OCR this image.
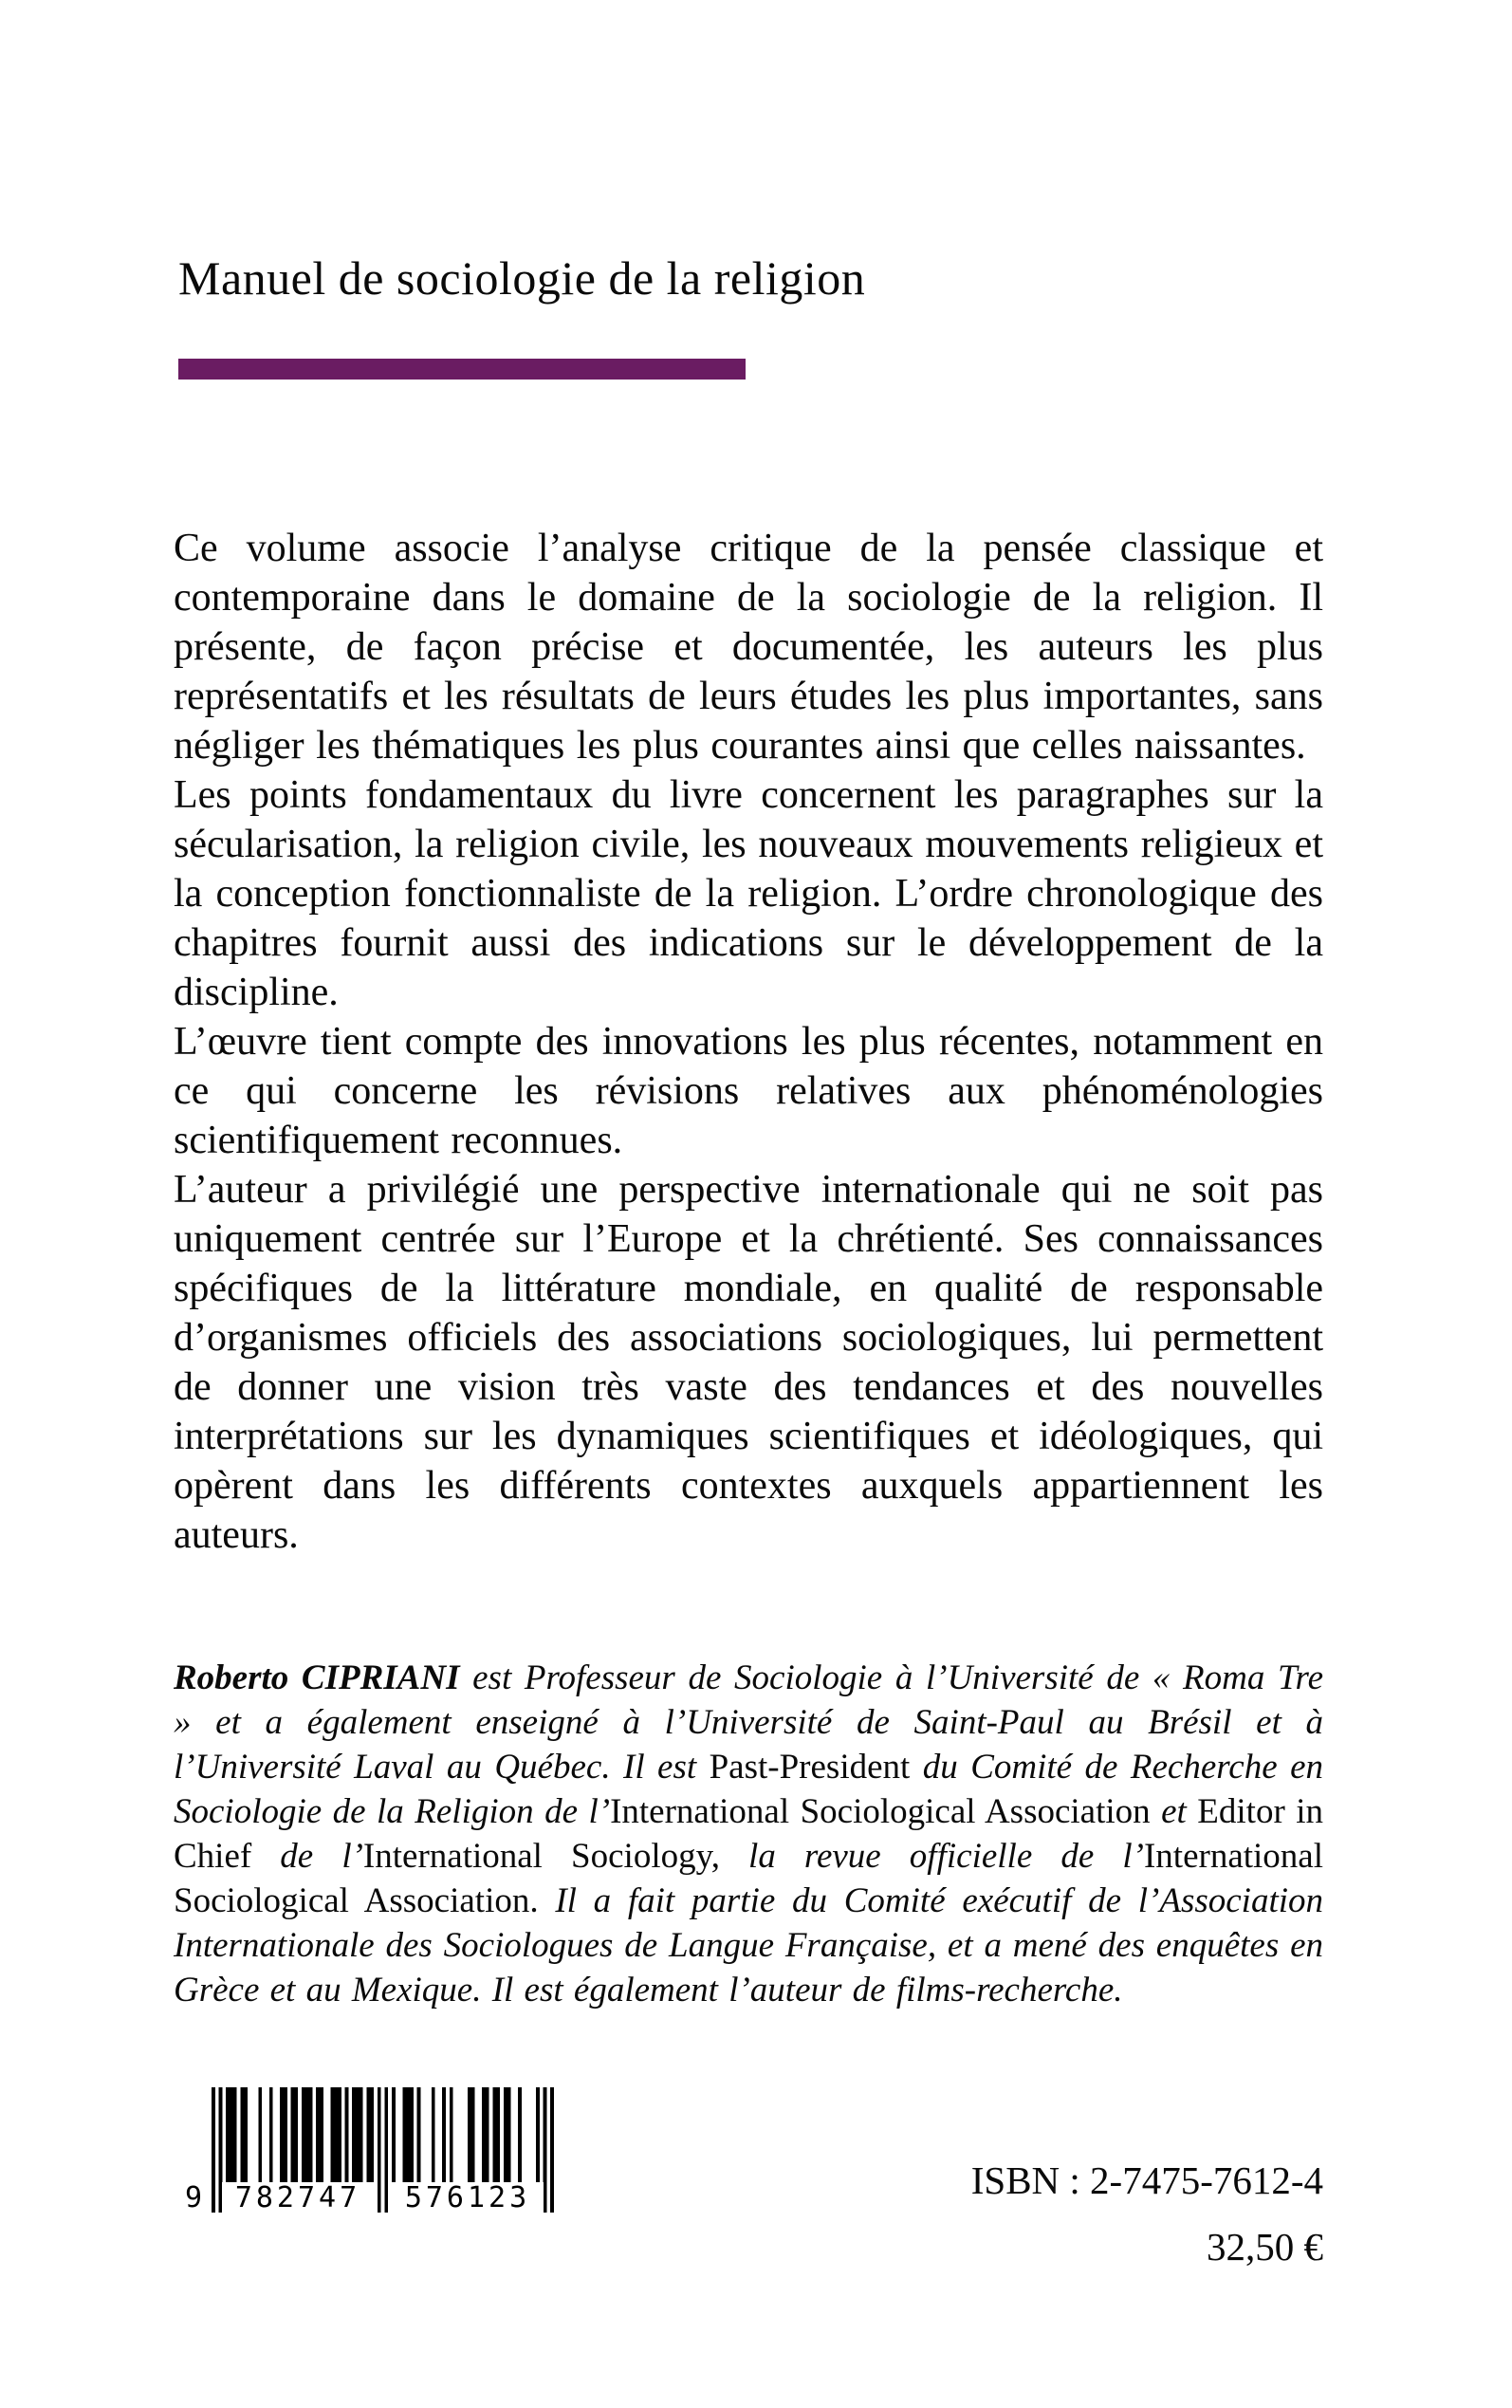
Manuel de sociologie de la religion

Ce volume associe l’analyse critique de la pensée classique et contemporaine dans le domaine de la sociologie de la religion. Il présente, de façon précise et documentée, les auteurs les plus représentatifs et les résultats de leurs études les plus importantes, sans négliger les thématiques les plus courantes ainsi que celles naissantes.

Les points fondamentaux du livre concernent les paragraphes sur la sécularisation, la religion civile, les nouveaux mouvements religieux et la conception fonctionnaliste de la religion. L’ordre chronologique des chapitres fournit aussi des indications sur le développement de la discipline.

L’œuvre tient compte des innovations les plus récentes, notamment en ce qui concerne les révisions relatives aux phénoménologies scientifiquement reconnues.

L’auteur a privilégié une perspective internationale qui ne soit pas uniquement centrée sur l’Europe et la chrétienté. Ses connaissances spécifiques de la littérature mondiale, en qualité de responsable d’organismes officiels des associations sociologiques, lui permettent de donner une vision très vaste des tendances et des nouvelles interprétations sur les dynamiques scientifiques et idéologiques, qui opèrent dans les différents contextes auxquels appartiennent les auteurs.

Roberto CIPRIANI est Professeur de Sociologie à l’Université de « Roma Tre » et a également enseigné à l’Université de Saint-Paul au Brésil et à l’Université Laval au Québec. Il est Past-President du Comité de Recherche en Sociologie de la Religion de l’International Sociological Association et Editor in Chief de l’International Sociology, la revue officielle de l’International Sociological Association. Il a fait partie du Comité exécutif de l’Association Internationale des Sociologues de Langue Française, et a mené des enquêtes en Grèce et au Mexique. Il est également l’auteur de films-recherche.

9	782747	576123	ISBN : 2-7475-7612-4
32,50 €
